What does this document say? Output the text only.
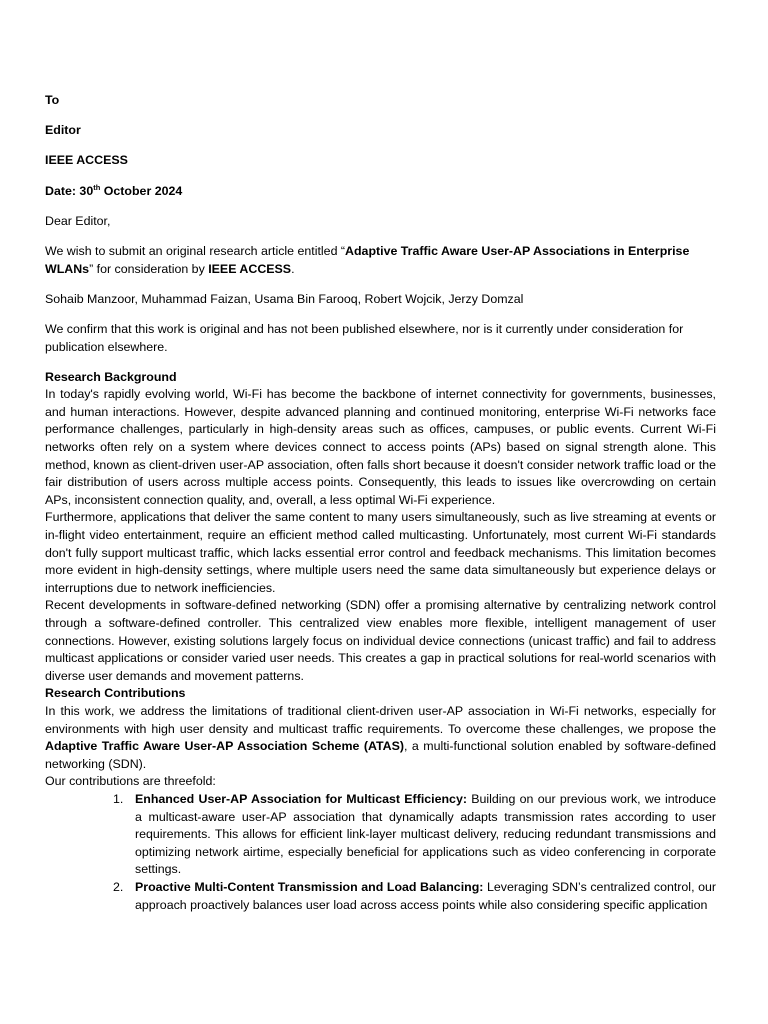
To

Editor

IEEE ACCESS

Date: 30th October 2024

Dear Editor,

We wish to submit an original research article entitled “Adaptive Traffic Aware User-AP Associations in Enterprise WLANs” for consideration by IEEE ACCESS.

Sohaib Manzoor, Muhammad Faizan, Usama Bin Farooq, Robert Wojcik, Jerzy Domzal

We confirm that this work is original and has not been published elsewhere, nor is it currently under consideration for publication elsewhere.

Research Background

In today's rapidly evolving world, Wi-Fi has become the backbone of internet connectivity for governments, businesses, and human interactions. However, despite advanced planning and continued monitoring, enterprise Wi-Fi networks face performance challenges, particularly in high-density areas such as offices, campuses, or public events. Current Wi-Fi networks often rely on a system where devices connect to access points (APs) based on signal strength alone. This method, known as client-driven user-AP association, often falls short because it doesn't consider network traffic load or the fair distribution of users across multiple access points. Consequently, this leads to issues like overcrowding on certain APs, inconsistent connection quality, and, overall, a less optimal Wi-Fi experience.

Furthermore, applications that deliver the same content to many users simultaneously, such as live streaming at events or in-flight video entertainment, require an efficient method called multicasting. Unfortunately, most current Wi-Fi standards don't fully support multicast traffic, which lacks essential error control and feedback mechanisms. This limitation becomes more evident in high-density settings, where multiple users need the same data simultaneously but experience delays or interruptions due to network inefficiencies.

Recent developments in software-defined networking (SDN) offer a promising alternative by centralizing network control through a software-defined controller. This centralized view enables more flexible, intelligent management of user connections. However, existing solutions largely focus on individual device connections (unicast traffic) and fail to address multicast applications or consider varied user needs. This creates a gap in practical solutions for real-world scenarios with diverse user demands and movement patterns.

Research Contributions

In this work, we address the limitations of traditional client-driven user-AP association in Wi-Fi networks, especially for environments with high user density and multicast traffic requirements. To overcome these challenges, we propose the Adaptive Traffic Aware User-AP Association Scheme (ATAS), a multi-functional solution enabled by software-defined networking (SDN).

Our contributions are threefold:

1. Enhanced User-AP Association for Multicast Efficiency: Building on our previous work, we introduce a multicast-aware user-AP association that dynamically adapts transmission rates according to user requirements. This allows for efficient link-layer multicast delivery, reducing redundant transmissions and optimizing network airtime, especially beneficial for applications such as video conferencing in corporate settings.
2. Proactive Multi-Content Transmission and Load Balancing: Leveraging SDN’s centralized control, our approach proactively balances user load across access points while also considering specific application
